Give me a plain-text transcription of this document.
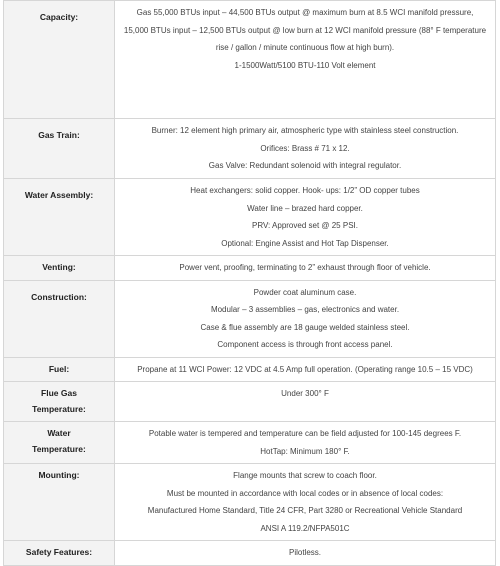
Capacity:	Gas 55,000 BTUs input – 44,500 BTUs output @ maximum burn at 8.5 WCI manifold pressure,
15,000 BTUs input – 12,500 BTUs output @ low burn at 12 WCI manifold pressure (88° F temperature rise / gallon / minute continuous flow at high burn).
1-1500Watt/5100 BTU-110 Volt element

Gas Train:	Burner: 12 element high primary air, atmospheric type with stainless steel construction.
Orifices: Brass # 71 x 12.
Gas Valve: Redundant solenoid with integral regulator.

Water Assembly:	Heat exchangers: solid copper. Hook- ups: 1/2” OD copper tubes
Water line – brazed hard copper.
PRV: Approved set @ 25 PSI.
Optional: Engine Assist and Hot Tap Dispenser.

Venting:	Power vent, proofing, terminating to 2” exhaust through floor of vehicle.

Construction:	Powder coat aluminum case.
Modular – 3 assemblies – gas, electronics and water.
Case & flue assembly are 18 gauge welded stainless steel.
Component access is through front access panel.

Fuel:	Propane at 11 WCI Power: 12 VDC at 4.5 Amp full operation. (Operating range 10.5 – 15 VDC)

Flue Gas Temperature:	Under 300° F

Water Temperature:	Potable water is tempered and temperature can be field adjusted for 100-145 degrees F.
HotTap: Minimum 180° F.

Mounting:	Flange mounts that screw to coach floor.
Must be mounted in accordance with local codes or in absence of local codes:
Manufactured Home Standard, Title 24 CFR, Part 3280 or Recreational Vehicle Standard
ANSI A 119.2/NFPA501C

Safety Features:	Pilotless.
